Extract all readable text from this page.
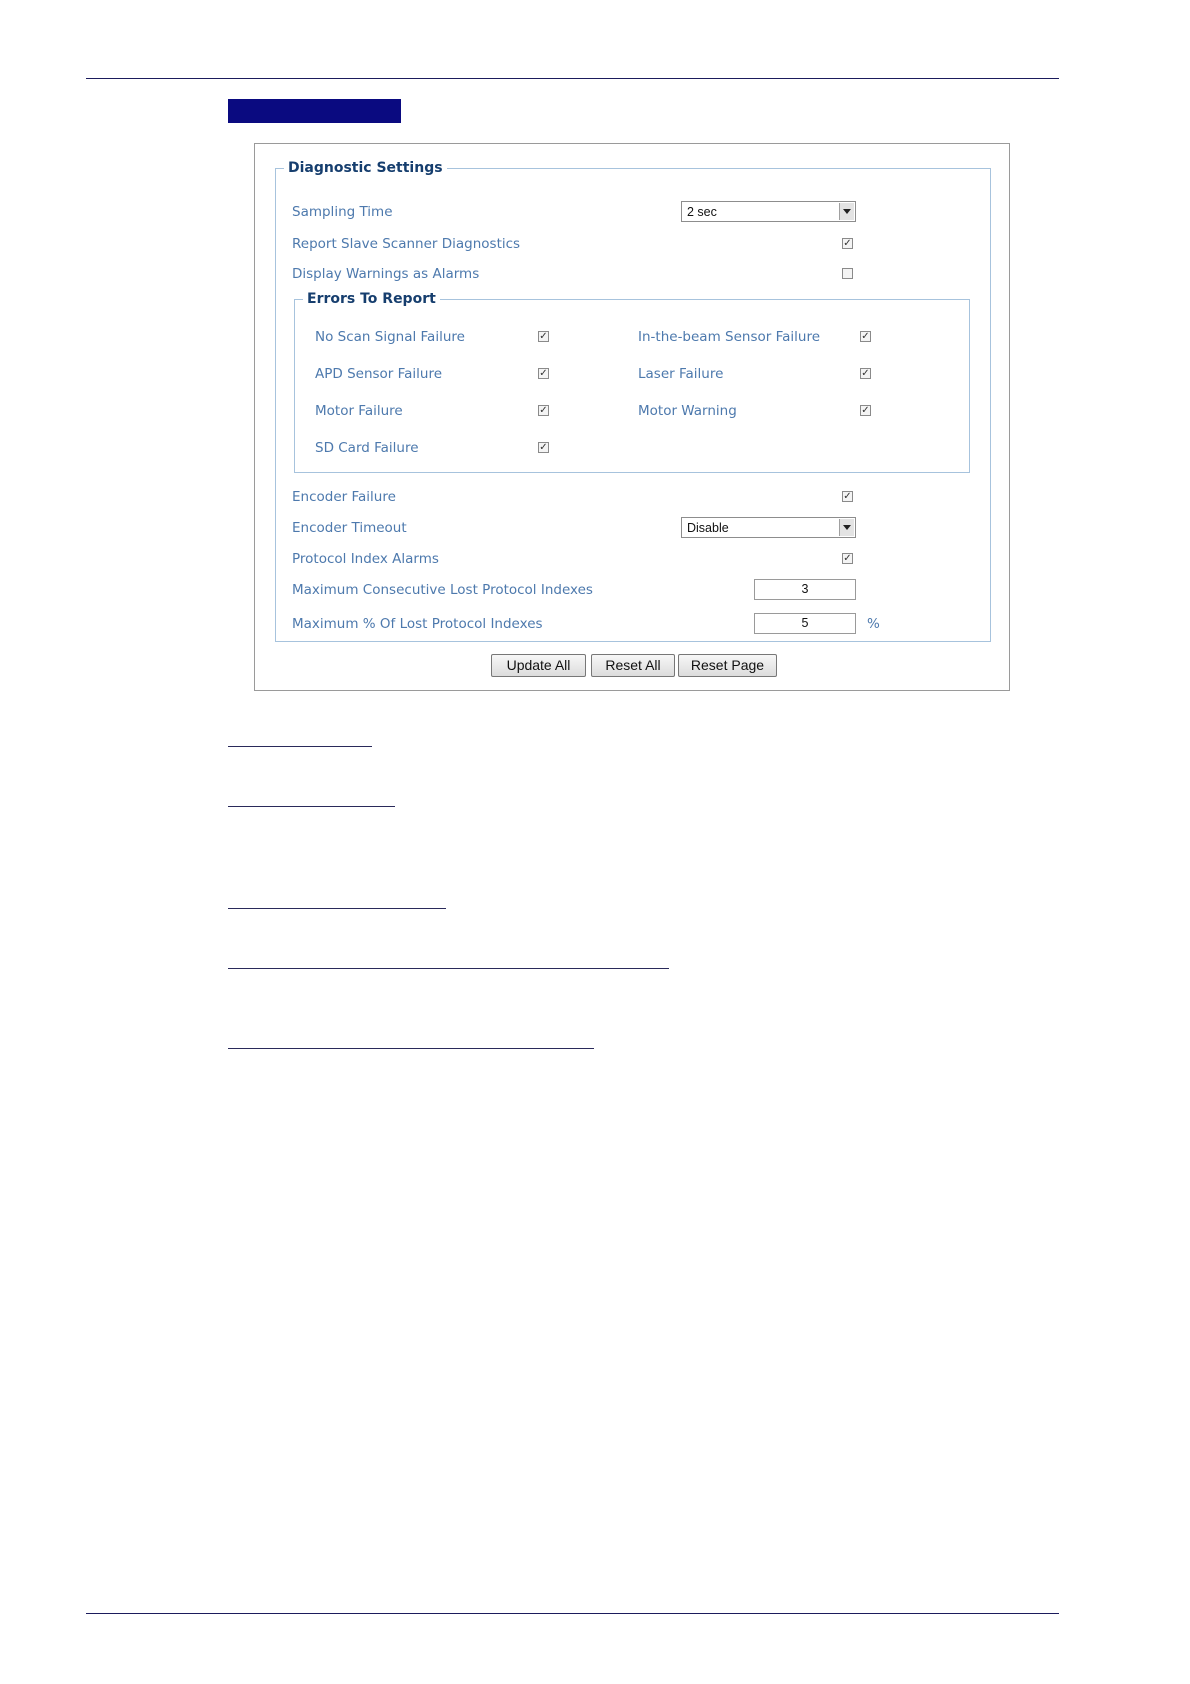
Diagnostic Settings
Sampling Time	2 sec
Report Slave Scanner Diagnostics	✓
Display Warnings as Alarms
Errors To Report
No Scan Signal Failure	✓	In-the-beam Sensor Failure	✓
APD Sensor Failure	✓	Laser Failure	✓
Motor Failure	✓	Motor Warning	✓
SD Card Failure	✓
Encoder Failure	✓
Encoder Timeout	Disable
Protocol Index Alarms	✓
Maximum Consecutive Lost Protocol Indexes	3
Maximum % Of Lost Protocol Indexes	5	%
Update All	Reset All	Reset Page
